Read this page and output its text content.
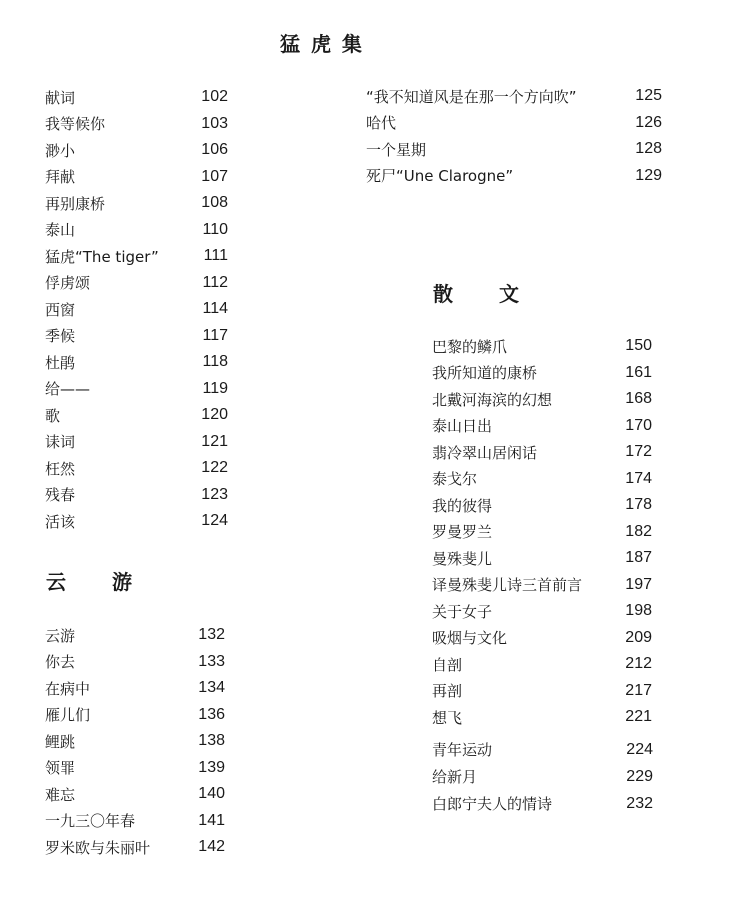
猛 虎 集
云　　游
散　　文
献词	102
我等候你	103
渺小	106
拜献	107
再别康桥	108
泰山	110
猛虎“The tiger”	111
俘虏颂	112
西窗	114
季候	117
杜鹃	118
给——	119
歌	120
诔词	121
枉然	122
残春	123
活该	124
“我不知道风是在那一个方向吹”	125
哈代	126
一个星期	128
死尸“Une Clarogne”	129
云游	132
你去	133
在病中	134
雁儿们	136
鲤跳	138
领罪	139
难忘	140
一九三〇年春	141
罗米欧与朱丽叶	142
巴黎的鳞爪	150
我所知道的康桥	161
北戴河海滨的幻想	168
泰山日出	170
翡冷翠山居闲话	172
泰戈尔	174
我的彼得	178
罗曼罗兰	182
曼殊斐儿	187
译曼殊斐儿诗三首前言	197
关于女子	198
吸烟与文化	209
自剖	212
再剖	217
想飞	221
青年运动	224
给新月	229
白郎宁夫人的情诗	232
